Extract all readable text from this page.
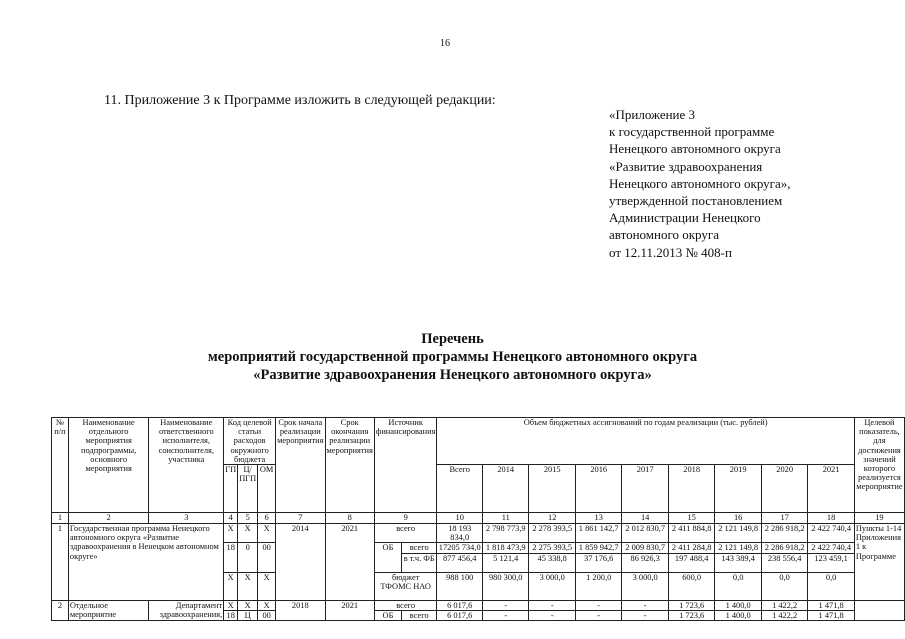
16
11. Приложение 3 к Программе изложить в следующей редакции:
«Приложение 3
к государственной программе
Ненецкого автономного округа
«Развитие здравоохранения
Ненецкого автономного округа»,
утвержденной постановлением
Администрации Ненецкого
автономного округа
от 12.11.2013 № 408-п
Перечень
мероприятий государственной программы Ненецкого автономного округа
«Развитие здравоохранения Ненецкого автономного округа»
№ п/п	Наименование отдельного мероприятия подпрограммы, основного мероприятия	Наименование ответственного исполнителя, соисполнителя, участника	Код целевой статьи расходов окружного бюджета			Срок начала реализации мероприятия	Срок окончания реализации мероприятия	Источник финансирования		Объем бюджетных ассигнований по годам реализации (тыс. рублей)									Целевой показатель, для достижения значений которого реализуется мероприятие
			ГП	Ц/ПГП	ОМ					Всего	2014	2015	2016	2017	2018	2019	2020	2021	
1	2	3	4	5	6	7	8	9		10	11	12	13	14	15	16	17	18	19
1	Государственная программа Ненецкого автономного округа «Развитие здравоохранения в Ненецком автономном округе»		Х	Х	Х	2014	2021	всего		18 193 834,0	2 798 773,9	2 278 393,5	1 861 142,7	2 012 830,7	2 411 884,8	2 121 149,8	2 286 918,2	2 422 740,4	Пункты 1-14 Приложения 1 к Программе
			18	0	00			ОБ	всего	17205 734,0	1 818 473,9	2 275 393,5	1 859 942,7	2 009 830,7	2 411 284,8	2 121 149,8	2 286 918,2	2 422 740,4	
									в т.ч. ФБ	877 456,4	5 121,4	45 338,8	37 176,6	86 926,3	197 488,4	143 389,4	238 556,4	123 459,1	
			Х	Х	Х			бюджет ТФОМС НАО		988 100	980 300,0	3 000,0	1 200,0	3 000,0	600,0	0,0	0,0	0,0	
2	Отдельное мероприятие	Департамент здравоохранения,	Х	Х	Х	2018	2021	всего		6 017,6	-	-	-	-	1 723,6	1 400,0	1 422,2	1 471,8	
			18	Ц	00			ОБ	всего	6 017,6	-	-	-	-	1 723,6	1 400,0	1 422,2	1 471,8	
